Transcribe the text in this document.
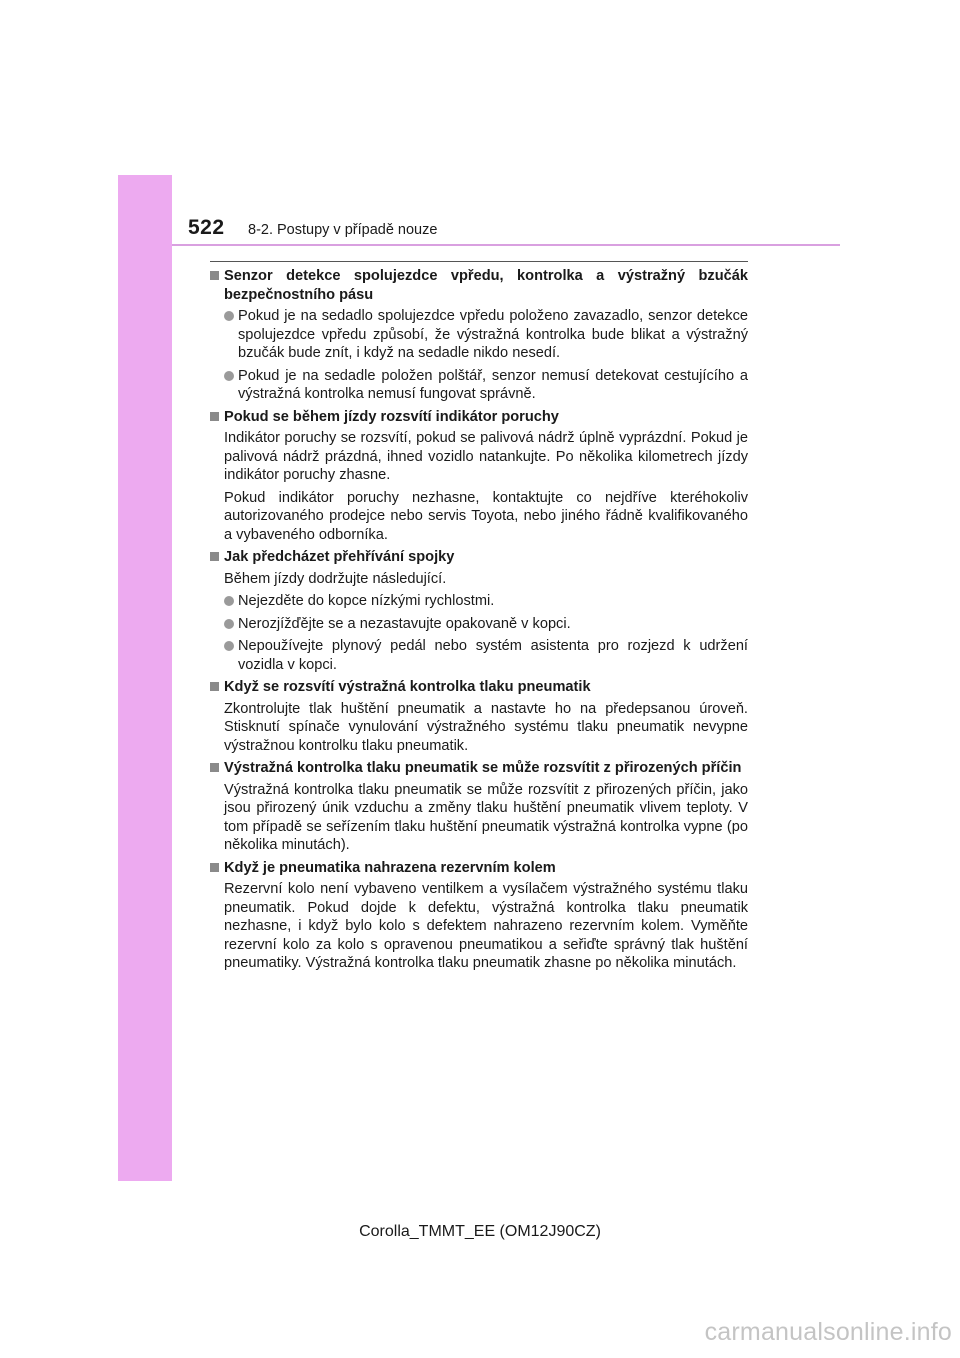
522 8-2. Postupy v případě nouze
Senzor detekce spolujezdce vpředu, kontrolka a výstražný bzučák bezpečnostního pásu
Pokud je na sedadlo spolujezdce vpředu položeno zavazadlo, senzor detekce spolujezdce vpředu způsobí, že výstražná kontrolka bude blikat a výstražný bzučák bude znít, i když na sedadle nikdo nesedí.
Pokud je na sedadle položen polštář, senzor nemusí detekovat cestujícího a výstražná kontrolka nemusí fungovat správně.
Pokud se během jízdy rozsvítí indikátor poruchy
Indikátor poruchy se rozsvítí, pokud se palivová nádrž úplně vyprázdní. Pokud je palivová nádrž prázdná, ihned vozidlo natankujte. Po několika kilometrech jízdy indikátor poruchy zhasne.
Pokud indikátor poruchy nezhasne, kontaktujte co nejdříve kteréhokoliv autorizovaného prodejce nebo servis Toyota, nebo jiného řádně kvalifikovaného a vybaveného odborníka.
Jak předcházet přehřívání spojky
Během jízdy dodržujte následující.
Nejezděte do kopce nízkými rychlostmi.
Nerozjížďějte se a nezastavujte opakovaně v kopci.
Nepoužívejte plynový pedál nebo systém asistenta pro rozjezd k udržení vozidla v kopci.
Když se rozsvítí výstražná kontrolka tlaku pneumatik
Zkontrolujte tlak huštění pneumatik a nastavte ho na předepsanou úroveň. Stisknutí spínače vynulování výstražného systému tlaku pneumatik nevypne výstražnou kontrolku tlaku pneumatik.
Výstražná kontrolka tlaku pneumatik se může rozsvítit z přirozených příčin
Výstražná kontrolka tlaku pneumatik se může rozsvítit z přirozených příčin, jako jsou přirozený únik vzduchu a změny tlaku huštění pneumatik vlivem teploty. V tom případě se seřízením tlaku huštění pneumatik výstražná kontrolka vypne (po několika minutách).
Když je pneumatika nahrazena rezervním kolem
Rezervní kolo není vybaveno ventilkem a vysílačem výstražného systému tlaku pneumatik. Pokud dojde k defektu, výstražná kontrolka tlaku pneumatik nezhasne, i když bylo kolo s defektem nahrazeno rezervním kolem. Vyměňte rezervní kolo za kolo s opravenou pneumatikou a seřiďte správný tlak huštění pneumatiky. Výstražná kontrolka tlaku pneumatik zhasne po několika minutách.
Corolla_TMMT_EE (OM12J90CZ)
carmanualsonline.info
